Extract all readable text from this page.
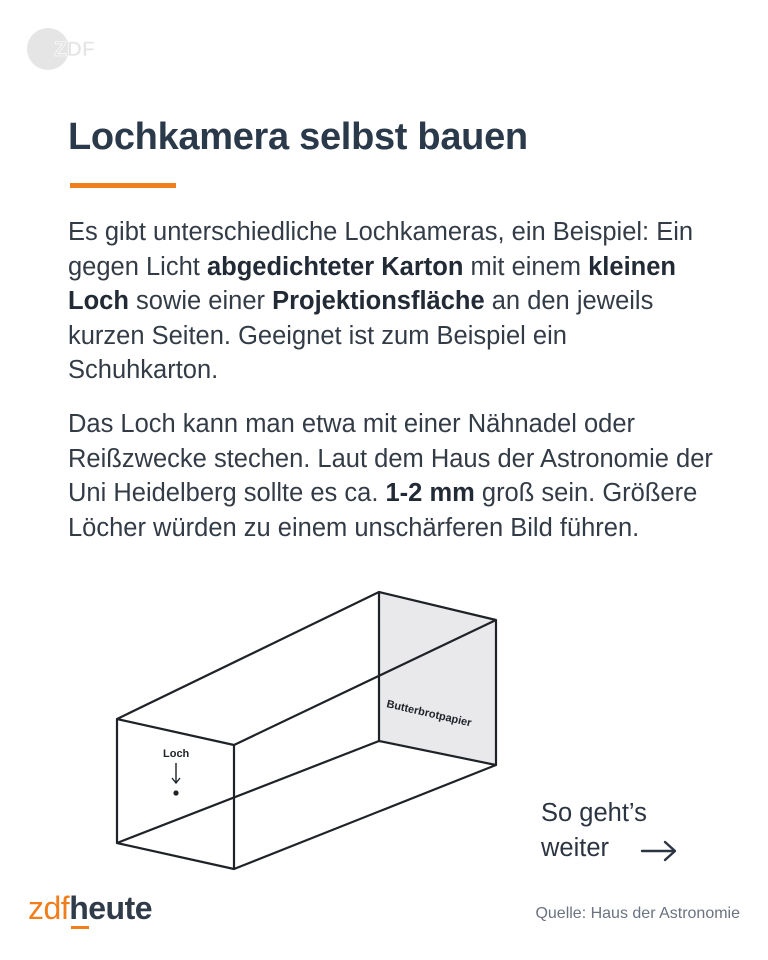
ZDF
Lochkamera selbst bauen

Es gibt unterschiedliche Lochkameras, ein Beispiel: Ein gegen Licht abgedichteter Karton mit einem kleinen Loch sowie einer Projektionsfläche an den jeweils kurzen Seiten. Geeignet ist zum Beispiel ein Schuhkarton.

Das Loch kann man etwa mit einer Nähnadel oder Reißzwecke stechen. Laut dem Haus der Astronomie der Uni Heidelberg sollte es ca. 1-2 mm groß sein. Größere Löcher würden zu einem unschärferen Bild führen.

Loch
Butterbrotpapier

So geht’s
weiter

zdfheute	Quelle: Haus der Astronomie
